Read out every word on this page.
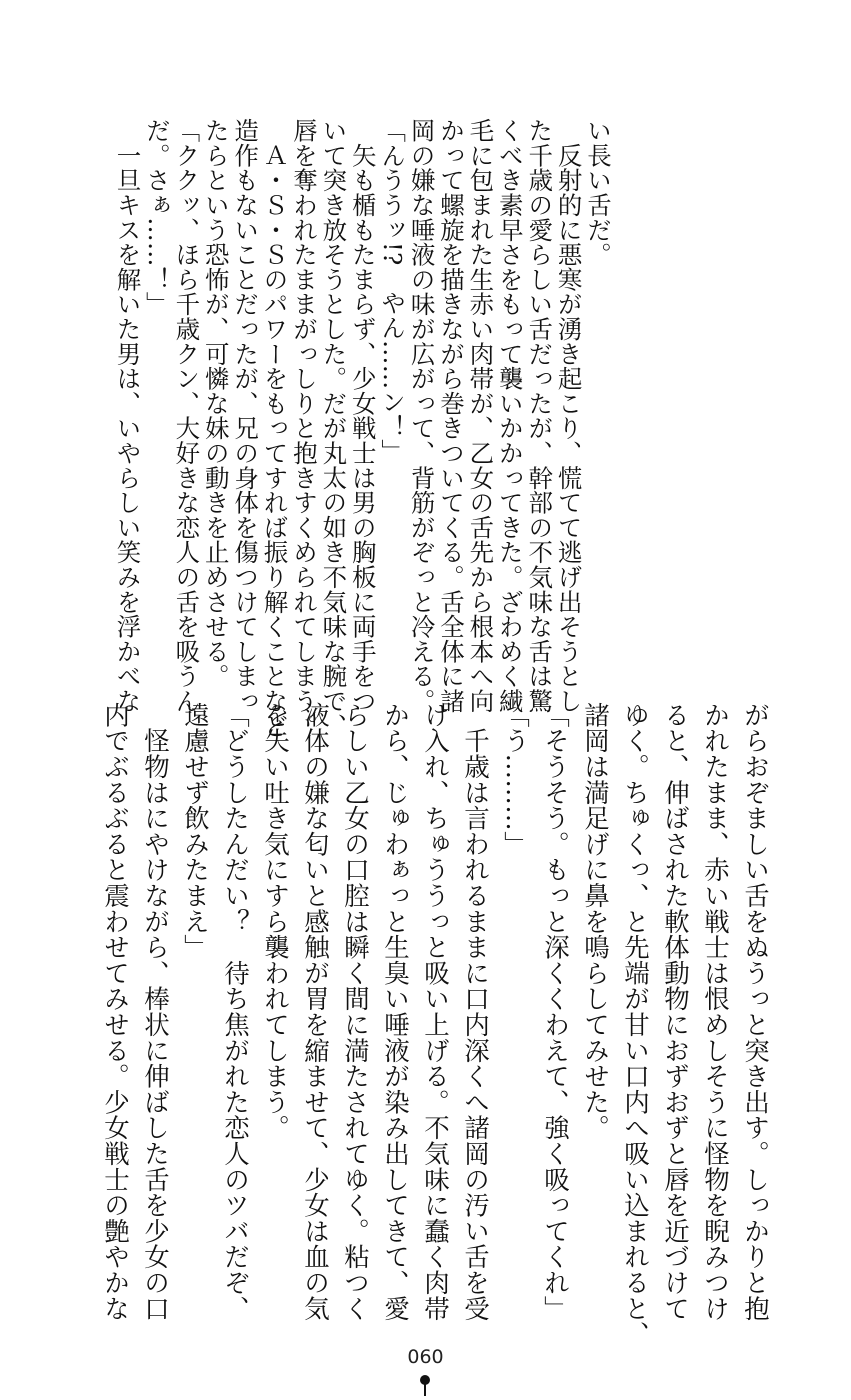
い長い舌だ。
　反射的に悪寒が湧き起こり、慌てて逃げ出そうとし
た千歳の愛らしい舌だったが、幹部の不気味な舌は驚
くべき素早さをもって襲いかかってきた。ざわめく繊
毛に包まれた生赤い肉帯が、乙女の舌先から根本へ向
かって螺旋を描きながら巻きついてくる。舌全体に諸
岡の嫌な唾液の味が広がって、背筋がぞっと冷える。
「んううッ!?　やん……ン！」
　矢も楯もたまらず、少女戦士は男の胸板に両手をつ
いて突き放そうとした。だが丸太の如き不気味な腕で、
唇を奪われたままがっしりと抱きすくめられてしまう。
　Ａ・Ｓ・Ｓのパワーをもってすれば振り解くことなど
造作もないことだったが、兄の身体を傷つけてしまっ
たらという恐怖が、可憐な妹の動きを止めさせる。
「ククッ、ほら千歳クン、大好きな恋人の舌を吸うん
だ。さぁ……！」
　一旦キスを解いた男は、いやらしい笑みを浮かべな
がらおぞましい舌をぬうっと突き出す。しっかりと抱
かれたまま、赤い戦士は恨めしそうに怪物を睨みつけ
ると、伸ばされた軟体動物におずおずと唇を近づけて
ゆく。ちゅくっ、と先端が甘い口内へ吸い込まれると、
諸岡は満足げに鼻を鳴らしてみせた。
「そうそう。もっと深くくわえて、強く吸ってくれ」
「う………」
　千歳は言われるままに口内深くへ諸岡の汚い舌を受
け入れ、ちゅううっと吸い上げる。不気味に蠢く肉帯
から、じゅわぁっと生臭い唾液が染み出してきて、愛
らしい乙女の口腔は瞬く間に満たされてゆく。粘つく
液体の嫌な匂いと感触が胃を縮ませて、少女は血の気
を失い吐き気にすら襲われてしまう。
「どうしたんだい？　待ち焦がれた恋人のツバだぞ、
遠慮せず飲みたまえ」
　怪物はにやけながら、棒状に伸ばした舌を少女の口
内でぶるぶると震わせてみせる。少女戦士の艶やかな
060
